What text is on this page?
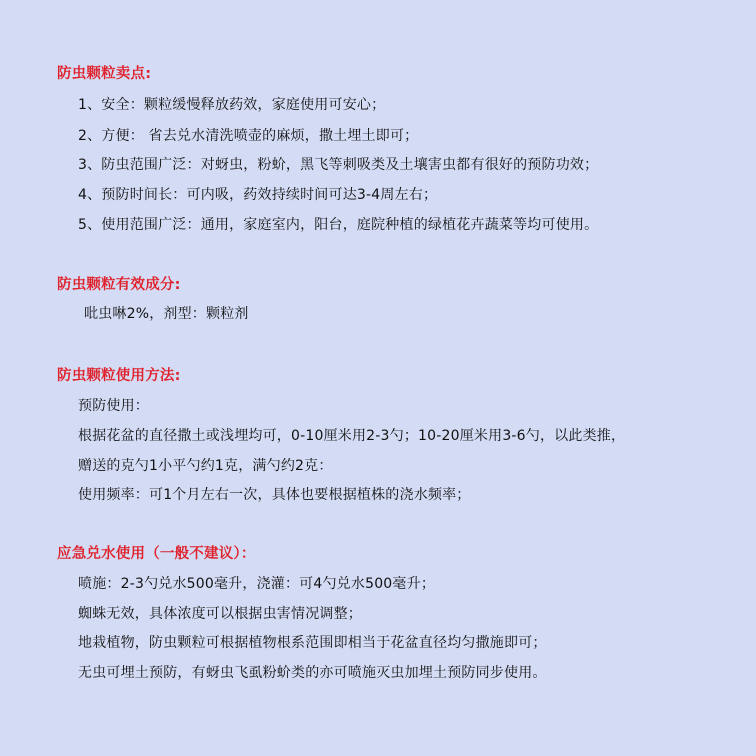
防虫颗粒卖点:
1、安全：颗粒缓慢释放药效，家庭使用可安心；
2、方便： 省去兑水清洗喷壶的麻烦，撒土埋土即可；
3、防虫范围广泛：对蚜虫，粉蚧，黑飞等刺吸类及土壤害虫都有很好的预防功效；
4、预防时间长：可内吸，药效持续时间可达3-4周左右；
5、使用范围广泛：通用，家庭室内，阳台，庭院种植的绿植花卉蔬菜等均可使用。
防虫颗粒有效成分:
吡虫啉2%，剂型：颗粒剂
防虫颗粒使用方法:
预防使用：
根据花盆的直径撒土或浅埋均可，0-10厘米用2-3勺；10-20厘米用3-6勺，以此类推，
赠送的克勺1小平勺约1克，满勺约2克：
使用频率：可1个月左右一次，具体也要根据植株的浇水频率；
应急兑水使用（一般不建议）：
喷施：2-3勺兑水500毫升，浇灌：可4勺兑水500毫升；
蜘蛛无效，具体浓度可以根据虫害情况调整；
地栽植物，防虫颗粒可根据植物根系范围即相当于花盆直径均匀撒施即可；
无虫可埋土预防，有蚜虫飞虱粉蚧类的亦可喷施灭虫加埋土预防同步使用。
